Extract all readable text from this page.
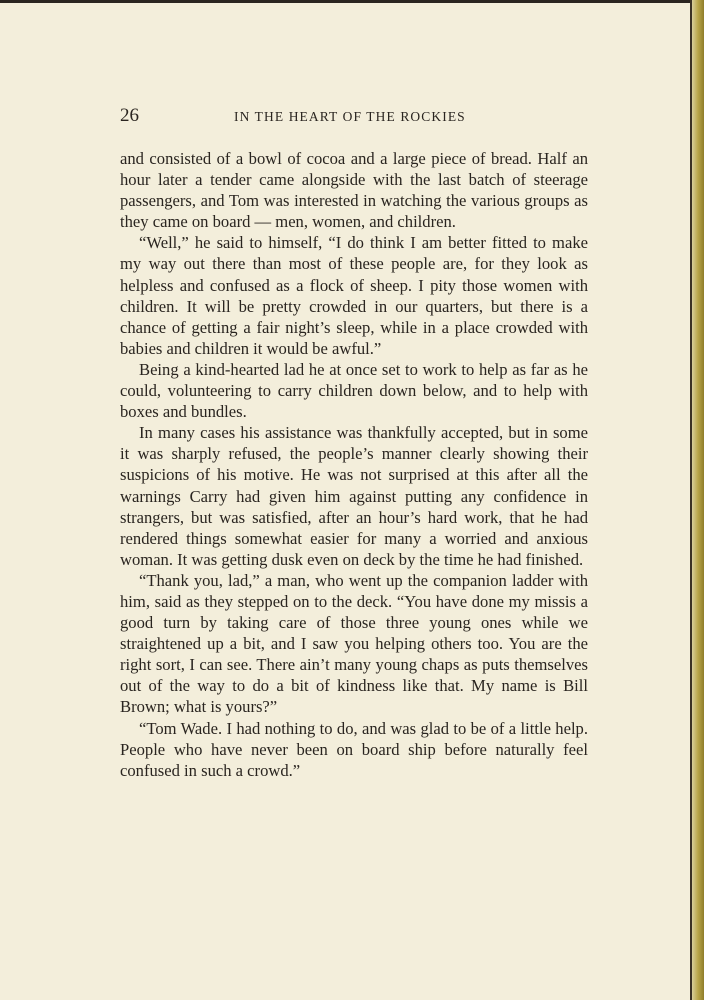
26	IN THE HEART OF THE ROCKIES

and consisted of a bowl of cocoa and a large piece of bread. Half an hour later a tender came alongside with the last batch of steerage passengers, and Tom was interested in watching the various groups as they came on board — men, women, and children.

“Well,” he said to himself, “I do think I am better fitted to make my way out there than most of these people are, for they look as helpless and confused as a flock of sheep. I pity those women with children. It will be pretty crowded in our quarters, but there is a chance of getting a fair night’s sleep, while in a place crowded with babies and children it would be awful.”

Being a kind-hearted lad he at once set to work to help as far as he could, volunteering to carry children down below, and to help with boxes and bundles.

In many cases his assistance was thankfully accepted, but in some it was sharply refused, the people’s manner clearly showing their suspicions of his motive. He was not surprised at this after all the warnings Carry had given him against putting any confidence in strangers, but was satisfied, after an hour’s hard work, that he had rendered things somewhat easier for many a worried and anxious woman. It was getting dusk even on deck by the time he had finished.

“Thank you, lad,” a man, who went up the companion ladder with him, said as they stepped on to the deck. “You have done my missis a good turn by taking care of those three young ones while we straightened up a bit, and I saw you helping others too. You are the right sort, I can see. There ain’t many young chaps as puts themselves out of the way to do a bit of kindness like that. My name is Bill Brown; what is yours?”

“Tom Wade. I had nothing to do, and was glad to be of a little help. People who have never been on board ship before naturally feel confused in such a crowd.”
